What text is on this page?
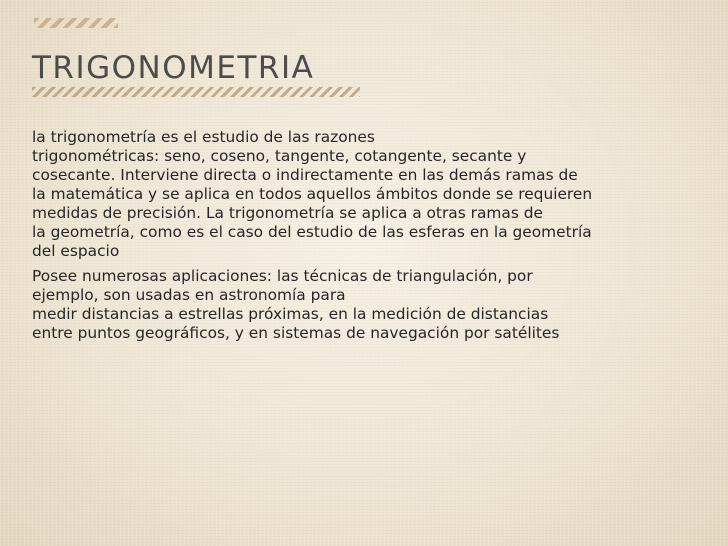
TRIGONOMETRIA

la trigonometría es el estudio de las razones
trigonométricas: seno, coseno, tangente, cotangente, secante y
cosecante. Interviene directa o indirectamente en las demás ramas de
la matemática y se aplica en todos aquellos ámbitos donde se requieren
medidas de precisión. La trigonometría se aplica a otras ramas de
la geometría, como es el caso del estudio de las esferas en la geometría
del espacio

Posee numerosas aplicaciones: las técnicas de triangulación, por
ejemplo, son usadas en astronomía para
medir distancias a estrellas próximas, en la medición de distancias
entre puntos geográficos, y en sistemas de navegación por satélites
